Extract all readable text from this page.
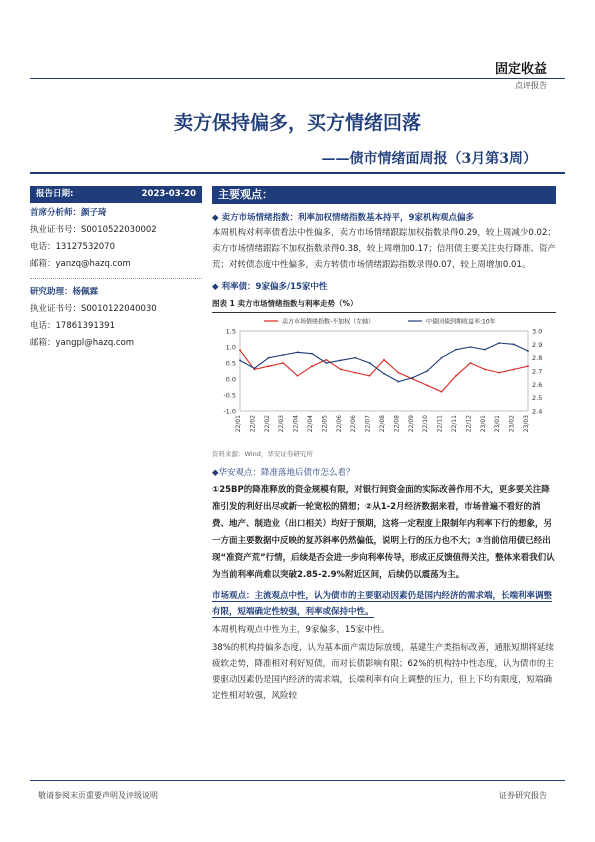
固定收益
点评报告
卖方保持偏多，买方情绪回落
——债市情绪面周报（3月第3周）
报告日期:	2023-03-20
首席分析师：颜子琦
执业证书号：S0010522030002
电话：13127532070
邮箱：yanzq@hazq.com
研究助理：杨佩霖
执业证书号：S0010122040030
电话：17861391391
邮箱：yangpl@hazq.com
主要观点：
◆ 卖方市场情绪指数：利率加权情绪指数基本持平，9家机构观点偏多
本周机构对利率债看法中性偏多，卖方市场情绪跟踪加权指数录得0.29，较上周减少0.02；卖方市场情绪跟踪不加权指数录得0.38，较上周增加0.17；信用债主要关注央行降准、资产荒；对转债态度中性偏多，卖方转债市场情绪跟踪指数录得0.07，较上周增加0.01。
◆ 利率债：9家偏多/15家中性
图表 1 卖方市场情绪指数与利率走势（%）
1.5
1.0
0.5
0.0
-0.5
-1.0
3.0
2.9
2.8
2.7
2.6
2.5
2.4
22/01 22/02 22/02 22/03 22/04 22/04 22/05 22/06 22/06 22/07 22/08 22/08 22/09 22/10 22/11 22/11 22/12 23/01 23/01 23/02 23/03
卖方市场情绪指数-不加权（左轴）	中债国债到期收益率:10年
资料来源：Wind，华安证券研究所
◆华安观点：降准落地后债市怎么看？
①25BP的降准释放的资金规模有限，对银行间资金面的实际改善作用不大，更多要关注降准引发的利好出尽或新一轮宽松的猜想；②从1-2月经济数据来看，市场普遍不看好的消费、地产、制造业（出口相关）均好于预期，这将一定程度上限制年内利率下行的想象，另一方面主要数据中反映的复苏斜率仍然偏低，说明上行的压力也不大；③当前信用债已经出现“准资产荒”行情，后续是否会进一步向利率传导，形成正反馈值得关注，整体来看我们认为当前利率尚难以突破2.85-2.9%附近区间，后续仍以震荡为主。
市场观点：主流观点中性，认为债市的主要驱动因素仍是国内经济的需求端，长端利率调整有限，短端确定性较强，利率或保持中性。
本周机构观点中性为主，9家偏多，15家中性。
38%的机构持偏多态度，认为基本面产需边际放缓，基建生产类指标改善，通胀短期将延续疲软走势，降准相对利好短债，而对长债影响有限；62%的机构持中性态度，认为债市的主要驱动因素仍是国内经济的需求端，长端利率有向上调整的压力，但上下均有限度，短端确定性相对较强，风险较
敬请参阅末页重要声明及评级说明	证券研究报告
